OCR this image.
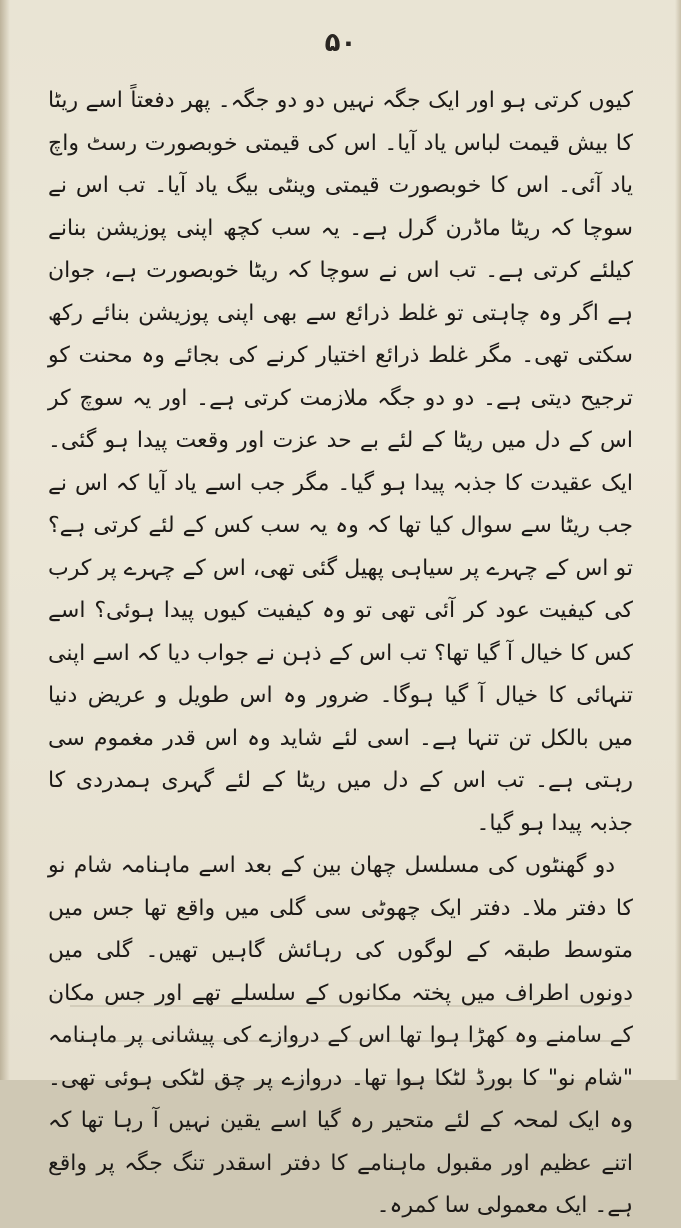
۵۰

کیوں کرتی ہو اور ایک جگہ نہیں دو دو جگہ۔ پھر دفعتاً اسے ریٹا کا بیش قیمت لباس یاد آیا۔ اس کی قیمتی خوبصورت رسٹ واچ یاد آئی۔ اس کا خوبصورت قیمتی وینٹی بیگ یاد آیا۔ تب اس نے سوچا کہ ریٹا ماڈرن گرل ہے۔ یہ سب کچھ اپنی پوزیشن بنانے کیلئے کرتی ہے۔ تب اس نے سوچا کہ ریٹا خوبصورت ہے، جوان ہے اگر وہ چاہتی تو غلط ذرائع سے بھی اپنی پوزیشن بنائے رکھ سکتی تھی۔ مگر غلط ذرائع اختیار کرنے کی بجائے وہ محنت کو ترجیح دیتی ہے۔ دو دو جگہ ملازمت کرتی ہے۔ اور یہ سوچ کر اس کے دل میں ریٹا کے لئے بے حد عزت اور وقعت پیدا ہو گئی۔ ایک عقیدت کا جذبہ پیدا ہو گیا۔ مگر جب اسے یاد آیا کہ اس نے جب ریٹا سے سوال کیا تھا کہ وہ یہ سب کس کے لئے کرتی ہے؟ تو اس کے چہرے پر سیاہی پھیل گئی تھی، اس کے چہرے پر کرب کی کیفیت عود کر آئی تھی تو وہ کیفیت کیوں پیدا ہوئی؟ اسے کس کا خیال آ گیا تھا؟ تب اس کے ذہن نے جواب دیا کہ اسے اپنی تنہائی کا خیال آ گیا ہوگا۔ ضرور وہ اس طویل و عریض دنیا میں بالکل تن تنہا ہے۔ اسی لئے شاید وہ اس قدر مغموم سی رہتی ہے۔ تب اس کے دل میں ریٹا کے لئے گہری ہمدردی کا جذبہ پیدا ہو گیا۔

دو گھنٹوں کی مسلسل چھان بین کے بعد اسے ماہنامہ شام نو کا دفتر ملا۔ دفتر ایک چھوٹی سی گلی میں واقع تھا جس میں متوسط طبقہ کے لوگوں کی رہائش گاہیں تھیں۔ گلی میں دونوں اطراف میں پختہ مکانوں کے سلسلے تھے اور جس مکان کے سامنے وہ کھڑا ہوا تھا اس کے دروازے کی پیشانی پر ماہنامہ "شام نو" کا بورڈ لٹکا ہوا تھا۔ دروازے پر چق لٹکی ہوئی تھی۔ وہ ایک لمحہ کے لئے متحیر رہ گیا اسے یقین نہیں آ رہا تھا کہ اتنے عظیم اور مقبول ماہنامے کا دفتر اسقدر تنگ جگہ پر واقع ہے۔ ایک معمولی سا کمرہ۔
